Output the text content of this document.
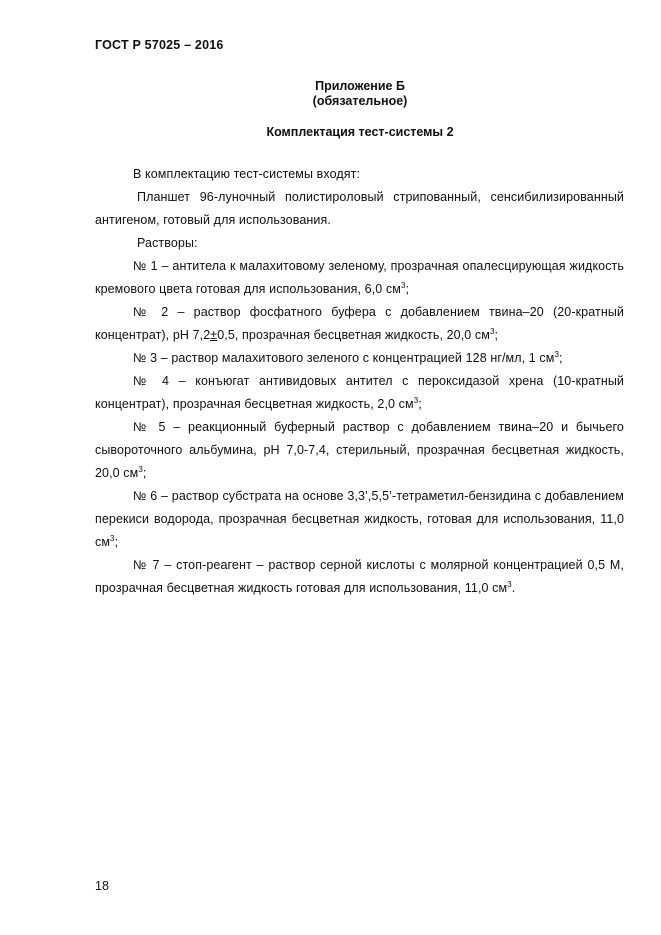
ГОСТ Р 57025 – 2016
Приложение Б
(обязательное)
Комплектация тест-системы 2

В комплектацию тест-системы входят:

Планшет 96-луночный полистироловый стрипованный, сенсибилизированный антигеном, готовый для использования.

Растворы:

№ 1 – антитела к малахитовому зеленому, прозрачная опалесцирующая жидкость кремового цвета готовая для использования, 6,0 $см^3$;

№ 2 – раствор фосфатного буфера с добавлением твина–20 (20-кратный концентрат), рН 7,2±0,5, прозрачная бесцветная жидкость, 20,0 $см^3$;

№ 3 – раствор малахитового зеленого с концентрацией 128 нг/мл, 1 $см^3$;

№ 4 – конъюгат антивидовых антител с пероксидазой хрена (10-кратный концентрат), прозрачная бесцветная жидкость, 2,0 $см^3$;

№ 5 – реакционный буферный раствор с добавлением твина–20 и бычьего сывороточного альбумина, рН 7,0-7,4, стерильный, прозрачная бесцветная жидкость, 20,0 $см^3$;

№ 6 – раствор субстрата на основе 3,3’,5,5’-тетраметил-бензидина с добавлением перекиси водорода, прозрачная бесцветная жидкость, готовая для использования, 11,0 $см^3$;

№ 7 – стоп-реагент – раствор серной кислоты с молярной концентрацией 0,5 М, прозрачная бесцветная жидкость готовая для использования, 11,0 $см^3$.

18
